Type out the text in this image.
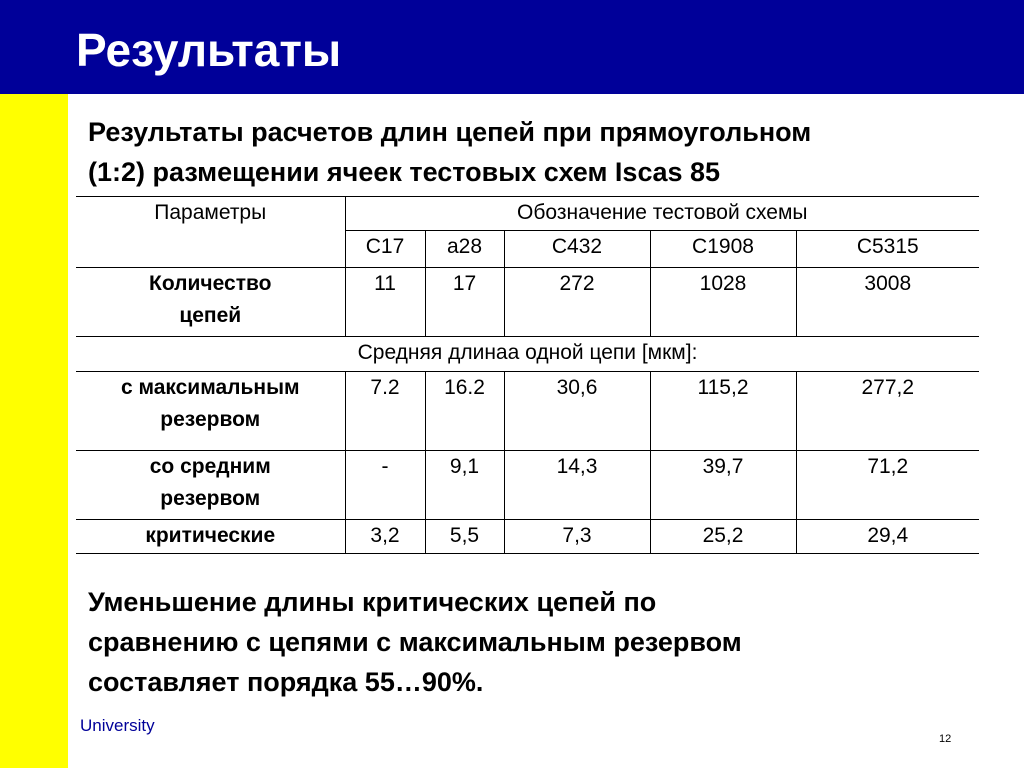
Результаты
Результаты расчетов длин цепей при прямоугольном
(1:2) размещении ячеек тестовых схем Iscas 85
Параметры	Обозначение тестовой схемы				
	C17	a28	C432	C1908	C5315

Количество
цепей	11	17	272	1028	3008
Средняя длинаа одной цепи [мкм]:					

с максимальным
резервом	7.2	16.2	30,6	115,2	277,2

со средним
резервом	-	9,1	14,3	39,7	71,2
критические	3,2	5,5	7,3	25,2	29,4
Уменьшение длины критических цепей по
сравнению с цепями с максимальным резервом
составляет порядка 55…90%.
University
12
